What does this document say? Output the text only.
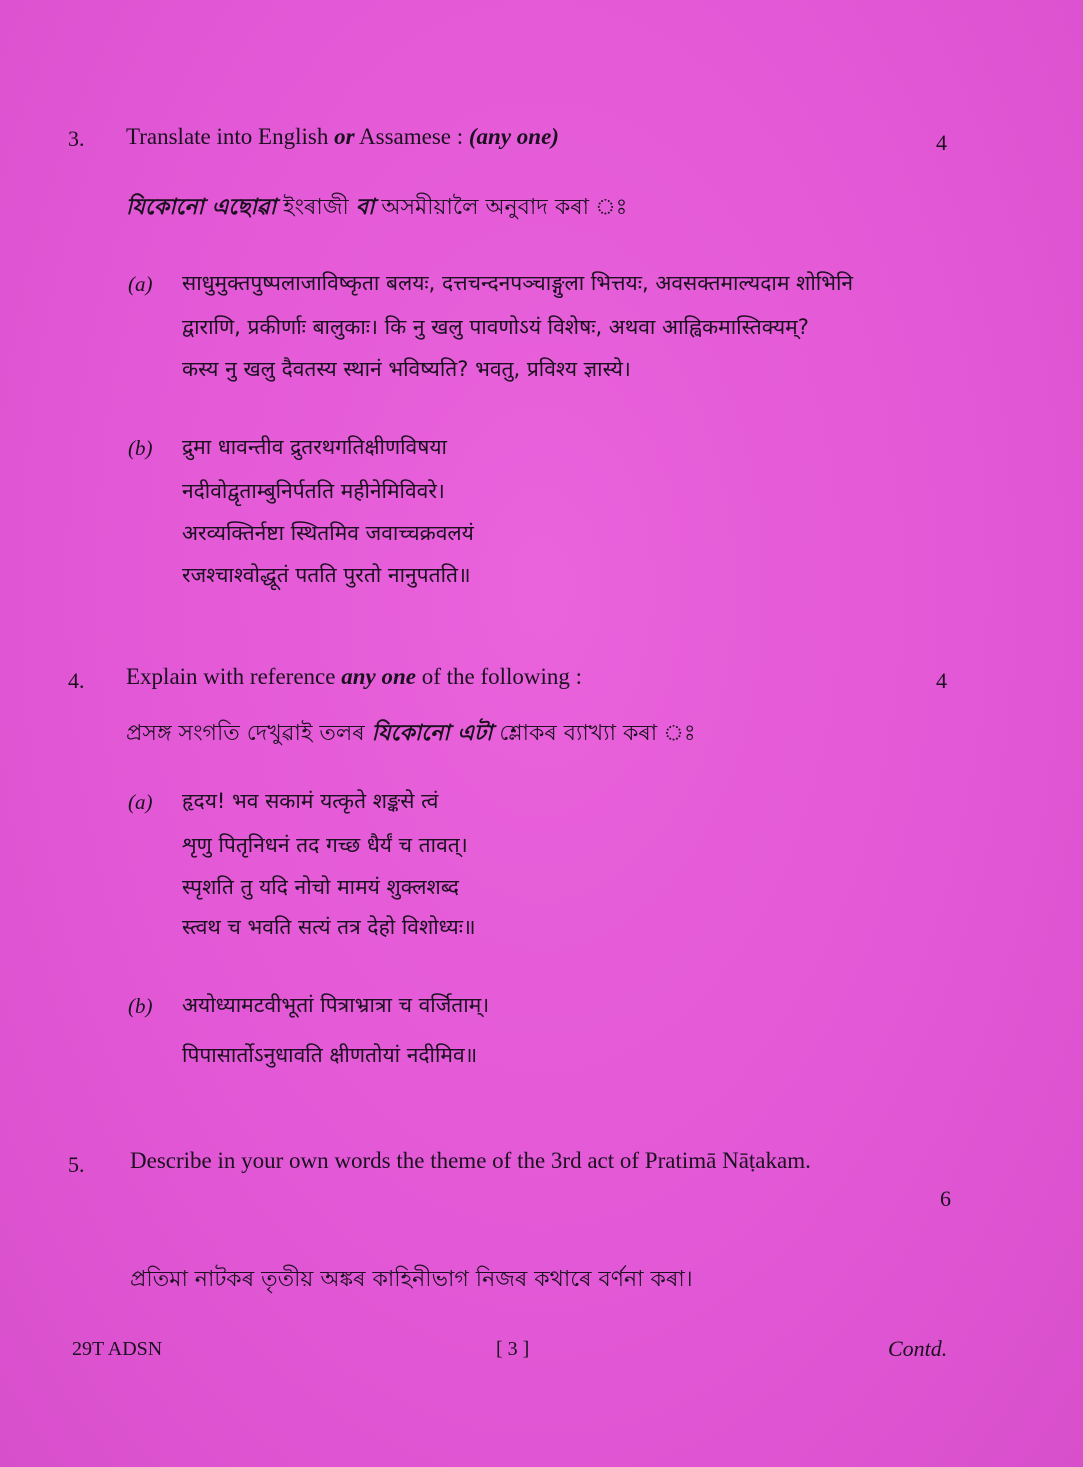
3. Translate into English or Assamese : (any one)	4
যিকোনো এছোৱা ইংৰাজী বা অসমীয়ালৈ অনুবাদ কৰা ঃ
(a) साधुमुक्तपुष्पलाजाविष्कृता बलयः, दत्तचन्दनपञ्चाङ्गुला भित्तयः, अवसक्तमाल्यदाम शोभिनि
द्वाराणि, प्रकीर्णाः बालुकाः। कि नु खलु पावणोऽयं विशेषः, अथवा आह्विकमास्तिक्यम्?
कस्य नु खलु दैवतस्य स्थानं भविष्यति? भवतु, प्रविश्य ज्ञास्ये।
(b) द्रुमा धावन्तीव द्रुतरथगतिक्षीणविषया
नदीवोद्वृताम्बुनिर्पतति महीनेमिविवरे।
अरव्यक्तिर्नष्टा स्थितमिव जवाच्चक्रवलयं
रजश्चाश्वोद्धूतं पतति पुरतो नानुपतति॥
4. Explain with reference any one of the following :	4
প্ৰসঙ্গ সংগতি দেখুৱাই তলৰ যিকোনো এটা শ্লোকৰ ব্যাখ্যা কৰা ঃ
(a) हृदय! भव सकामं यत्कृते शङ्कसे त्वं
शृणु पितृनिधनं तद गच्छ धैर्यं च तावत्।
स्पृशति तु यदि नोचो मामयं शुक्लशब्द
स्त्वथ च भवति सत्यं तत्र देहो विशोध्यः॥
(b) अयोध्यामटवीभूतां पित्राभ्रात्रा च वर्जिताम्।
पिपासार्तोऽनुधावति क्षीणतोयां नदीमिव॥
5. Describe in your own words the theme of the 3rd act of Pratimā Nāṭakam.
6
প্ৰতিমা নাটকৰ তৃতীয় অঙ্কৰ কাহিনীভাগ নিজৰ কথাৰে বৰ্ণনা কৰা।
29T ADSN	[ 3 ]	Contd.
